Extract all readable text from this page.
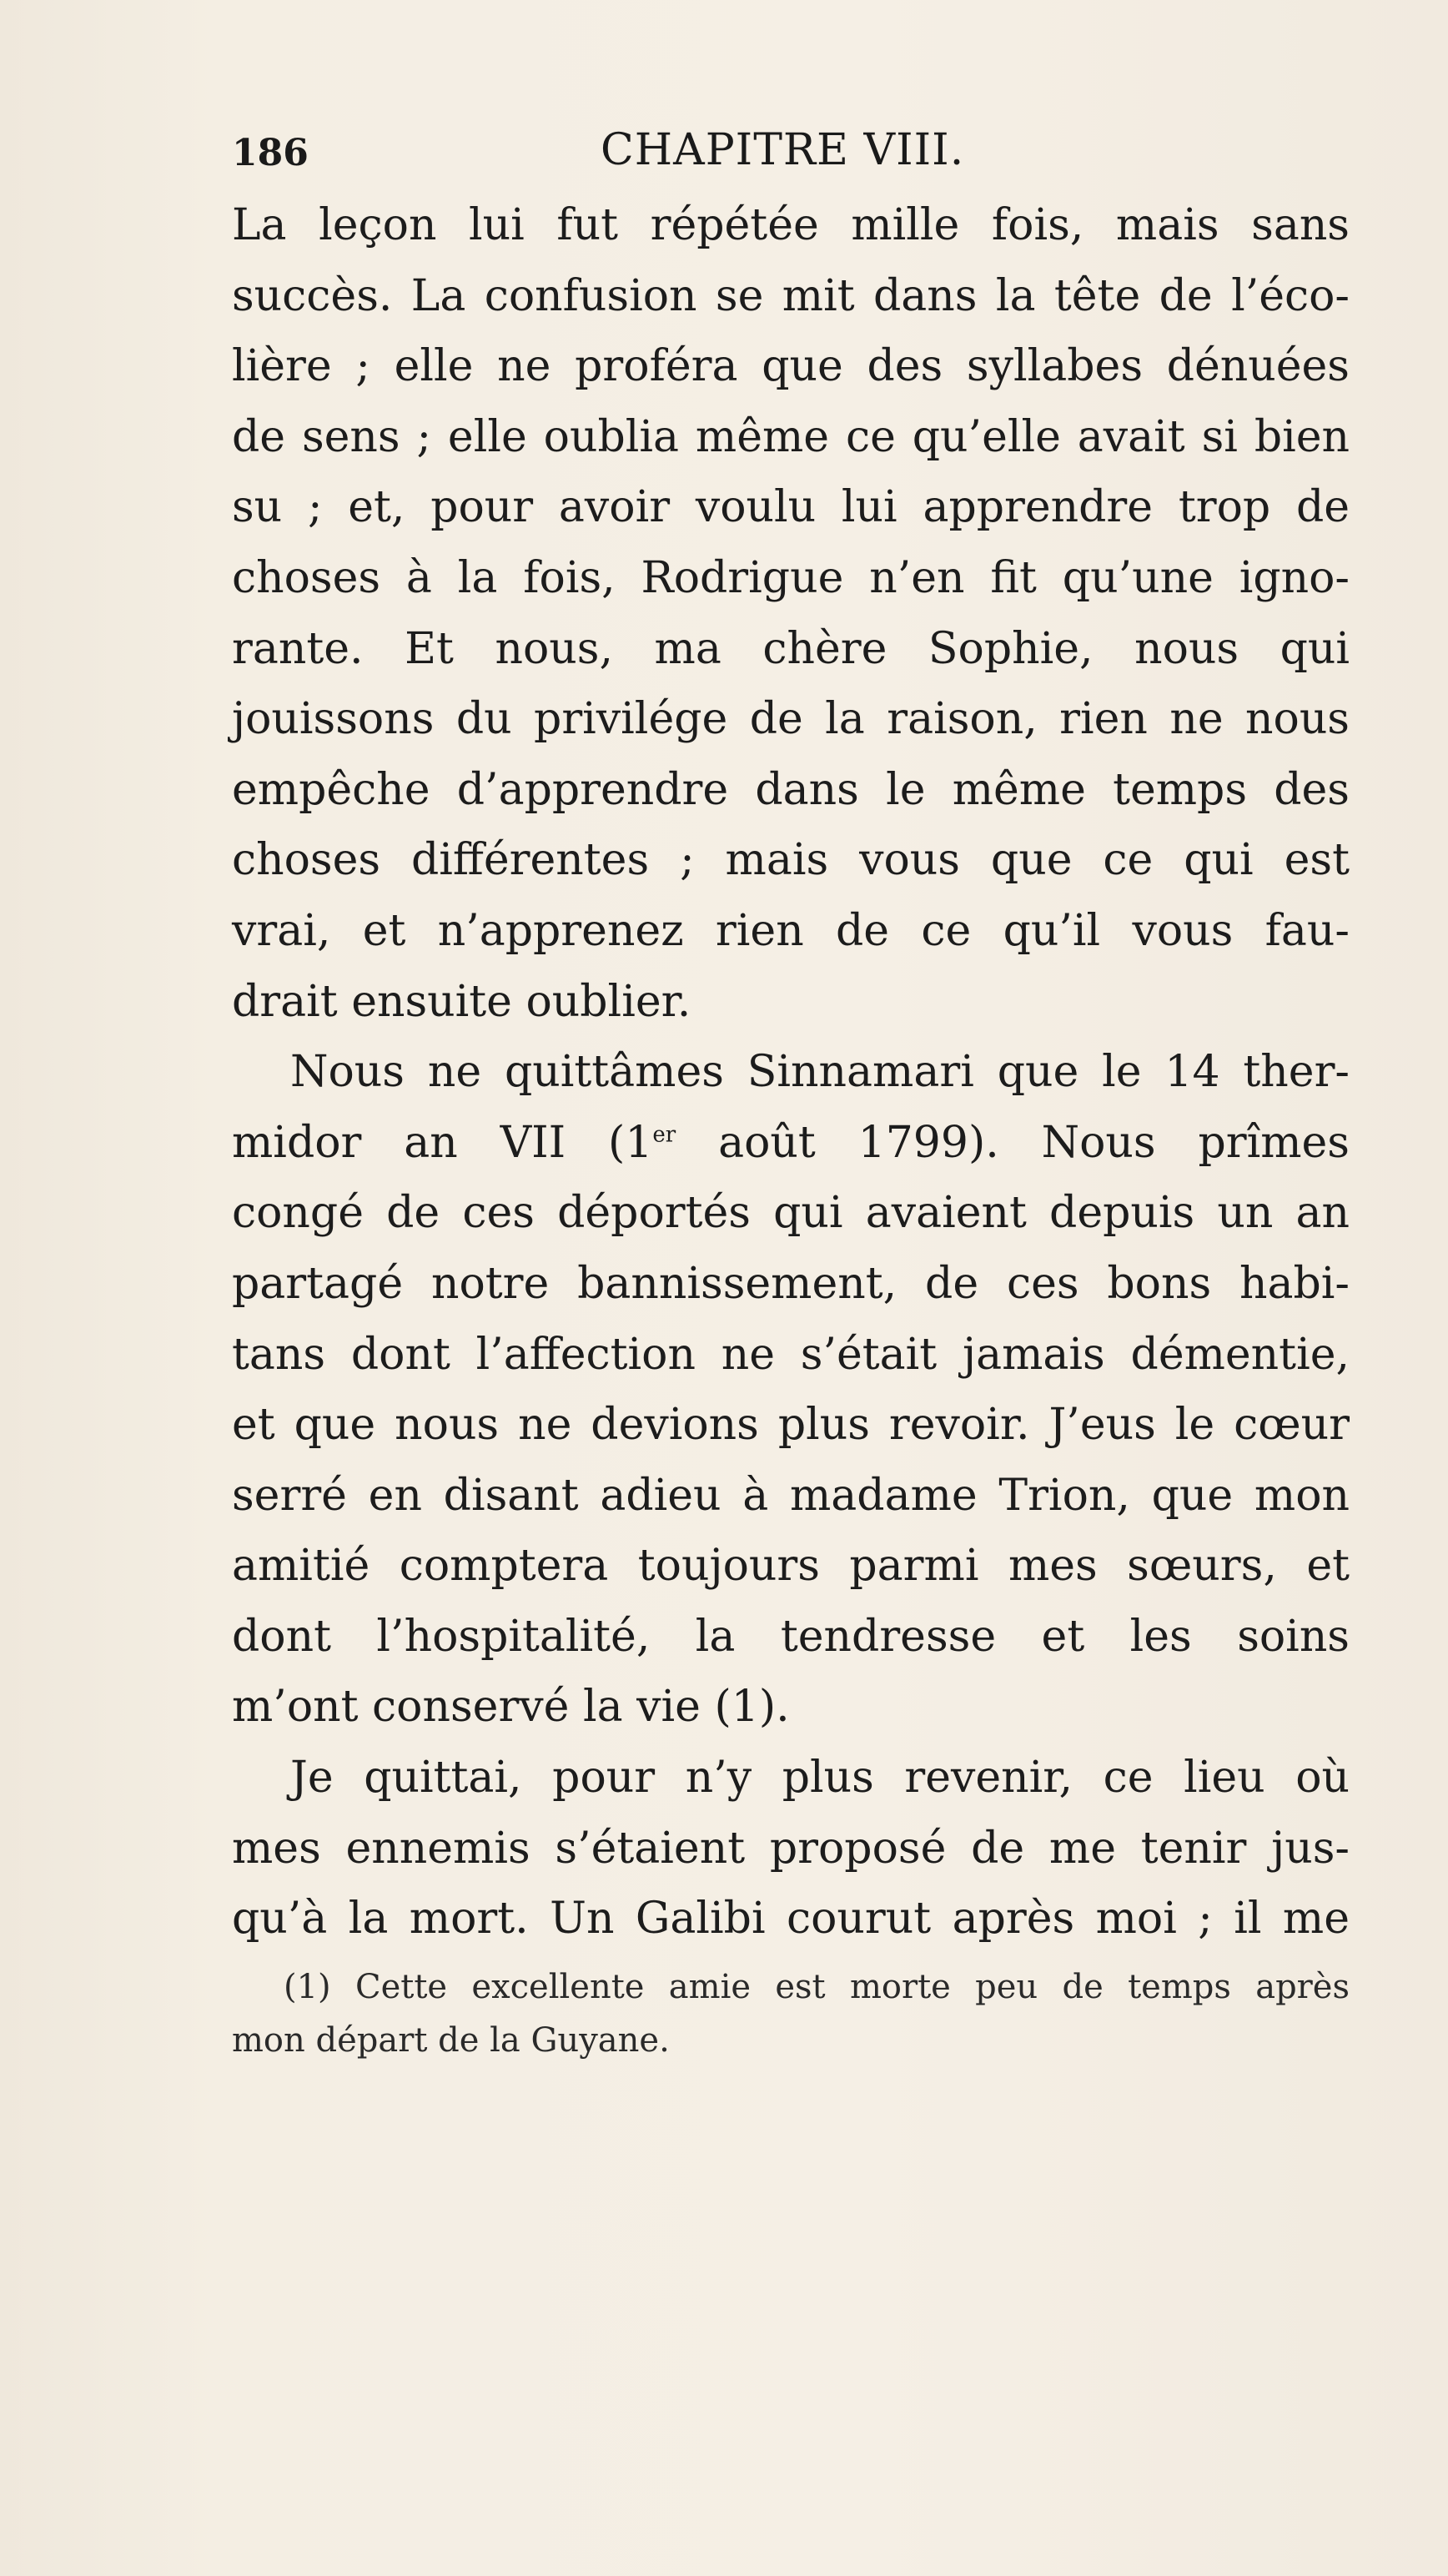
186	CHAPITRE VIII.
La leçon lui fut répétée mille fois, mais sans
succès. La confusion se mit dans la tête de l’éco-
lière ; elle ne proféra que des syllabes dénuées
de sens ; elle oublia même ce qu’elle avait si bien
su ; et, pour avoir voulu lui apprendre trop de
choses à la fois, Rodrigue n’en fit qu’une igno-
rante. Et nous, ma chère Sophie, nous qui
jouissons du privilége de la raison, rien ne nous
empêche d’apprendre dans le même temps des
choses différentes ; mais vous que ce qui est
vrai, et n’apprenez rien de ce qu’il vous fau-
drait ensuite oublier.
Nous ne quittâmes Sinnamari que le 14 ther-
midor an VII (1er août 1799). Nous prîmes
congé de ces déportés qui avaient depuis un an
partagé notre bannissement, de ces bons habi-
tans dont l’affection ne s’était jamais démentie,
et que nous ne devions plus revoir. J’eus le cœur
serré en disant adieu à madame Trion, que mon
amitié comptera toujours parmi mes sœurs, et
dont l’hospitalité, la tendresse et les soins
m’ont conservé la vie (1).
Je quittai, pour n’y plus revenir, ce lieu où
mes ennemis s’étaient proposé de me tenir jus-
qu’à la mort. Un Galibi courut après moi ; il me
(1) Cette excellente amie est morte peu de temps après
mon départ de la Guyane.
